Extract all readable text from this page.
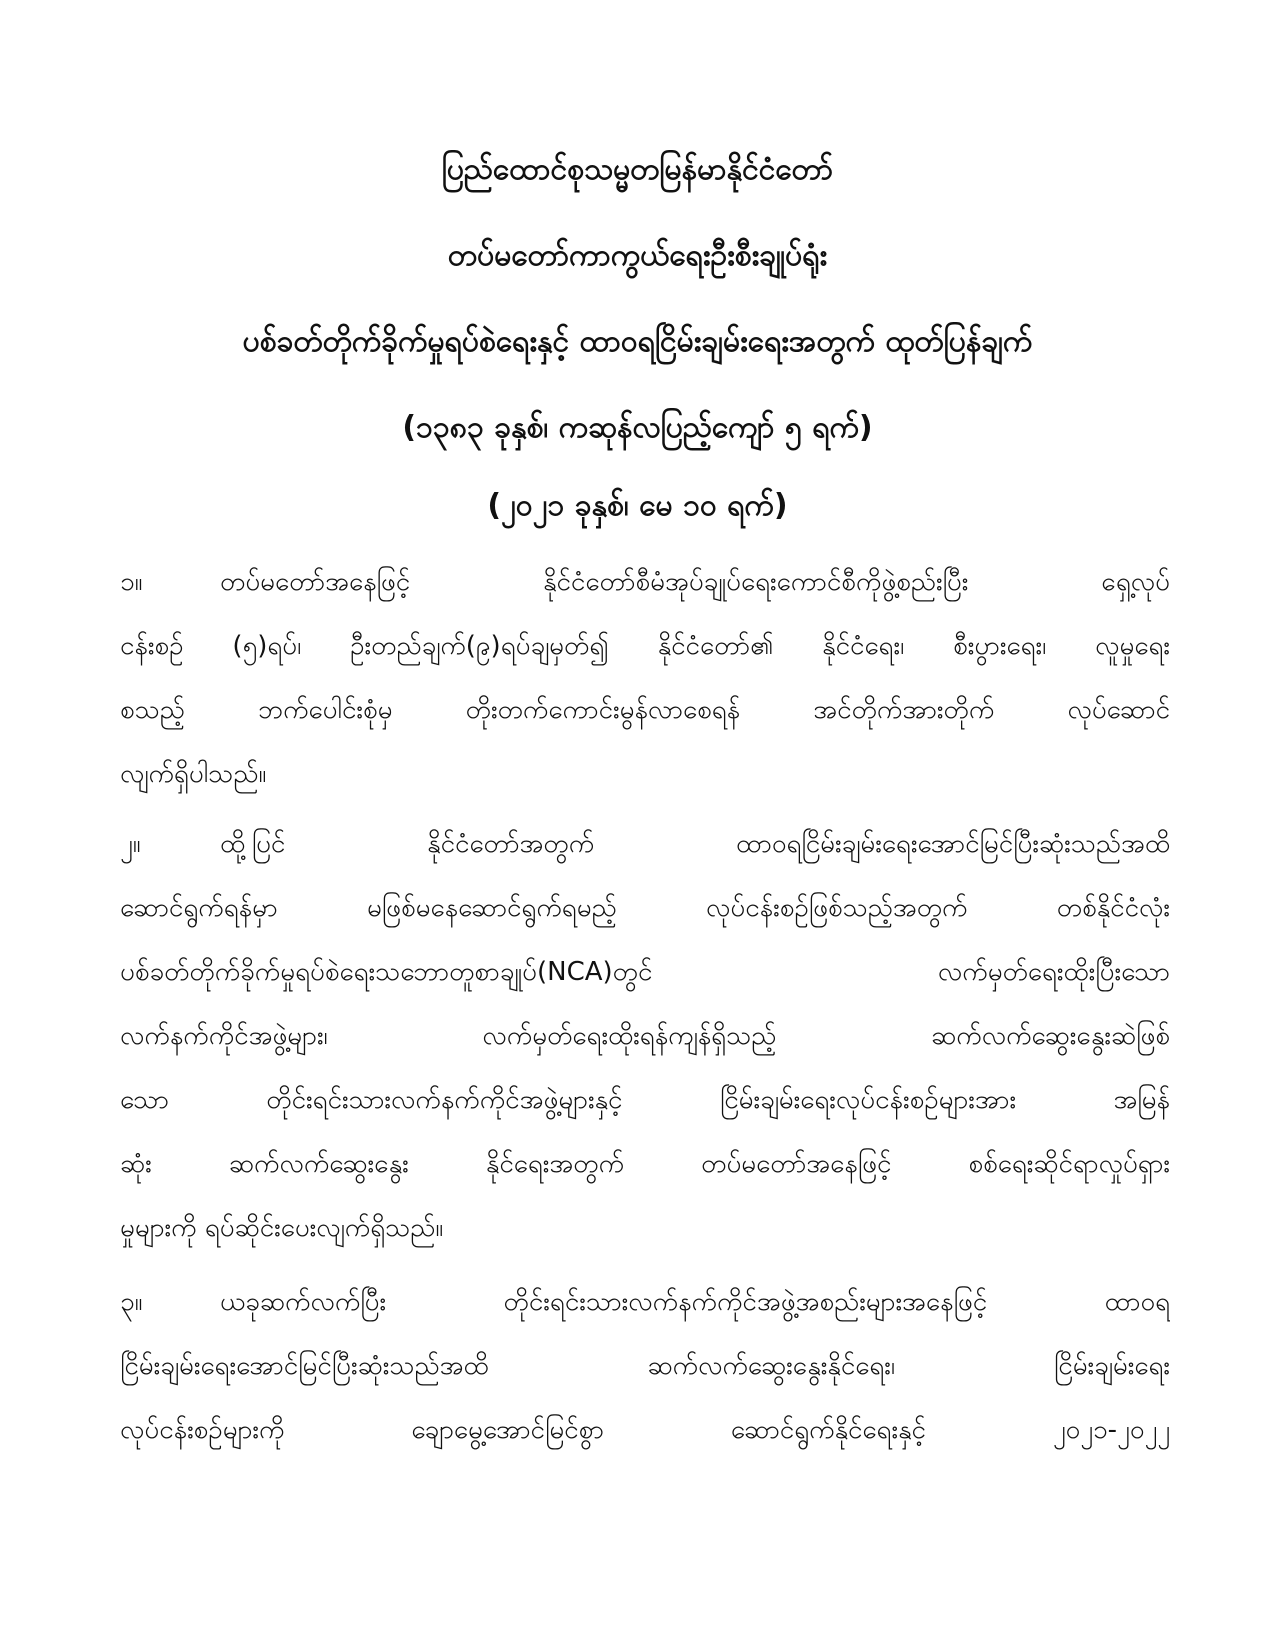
ပြည်ထောင်စုသမ္မတမြန်မာနိုင်ငံတော်
တပ်မတော်ကာကွယ်ရေးဦးစီးချုပ်ရုံး
ပစ်ခတ်တိုက်ခိုက်မှုရပ်စဲရေးနှင့် ထာဝရငြိမ်းချမ်းရေးအတွက် ထုတ်ပြန်ချက်
(၁၃၈၃ ခုနှစ်၊ ကဆုန်လပြည့်ကျော် ၅ ရက်)
(၂၀၂၁ ခုနှစ်၊ မေ ၁၀ ရက်)
၁။	တပ်မတော်အနေဖြင့် နိုင်ငံတော်စီမံအုပ်ချုပ်ရေးကောင်စီကိုဖွဲ့စည်းပြီး ရှေ့လုပ်
ငန်းစဉ် (၅)ရပ်၊ ဦးတည်ချက်(၉)ရပ်ချမှတ်၍ နိုင်ငံတော်၏ နိုင်ငံရေး၊ စီးပွားရေး၊ လူမှုရေး
စသည့် ဘက်ပေါင်းစုံမှ တိုးတက်ကောင်းမွန်လာစေရန် အင်တိုက်အားတိုက် လုပ်ဆောင်
လျက်ရှိပါသည်။
၂။	ထို့ပြင် နိုင်ငံတော်အတွက် ထာဝရငြိမ်းချမ်းရေးအောင်မြင်ပြီးဆုံးသည်အထိ
ဆောင်ရွက်ရန်မှာ မဖြစ်မနေဆောင်ရွက်ရမည့် လုပ်ငန်းစဉ်ဖြစ်သည့်အတွက် တစ်နိုင်ငံလုံး
ပစ်ခတ်တိုက်ခိုက်မှုရပ်စဲရေးသဘောတူစာချုပ်(NCA)တွင် လက်မှတ်ရေးထိုးပြီးသော
လက်နက်ကိုင်အဖွဲ့များ၊ လက်မှတ်ရေးထိုးရန်ကျန်ရှိသည့် ဆက်လက်ဆွေးနွေးဆဲဖြစ်
သော တိုင်းရင်းသားလက်နက်ကိုင်အဖွဲ့များနှင့် ငြိမ်းချမ်းရေးလုပ်ငန်းစဉ်များအား အမြန်
ဆုံး ဆက်လက်ဆွေးနွေး နိုင်ရေးအတွက် တပ်မတော်အနေဖြင့် စစ်ရေးဆိုင်ရာလှုပ်ရှား
မှုများကို ရပ်ဆိုင်းပေးလျက်ရှိသည်။
၃။	ယခုဆက်လက်ပြီး တိုင်းရင်းသားလက်နက်ကိုင်အဖွဲ့အစည်းများအနေဖြင့် ထာဝရ
ငြိမ်းချမ်းရေးအောင်မြင်ပြီးဆုံးသည်အထိ ဆက်လက်ဆွေးနွေးနိုင်ရေး၊ ငြိမ်းချမ်းရေး
လုပ်ငန်းစဉ်များကို ချောမွေ့အောင်မြင်စွာ ဆောင်ရွက်နိုင်ရေးနှင့် ၂၀၂၁-၂၀၂၂
